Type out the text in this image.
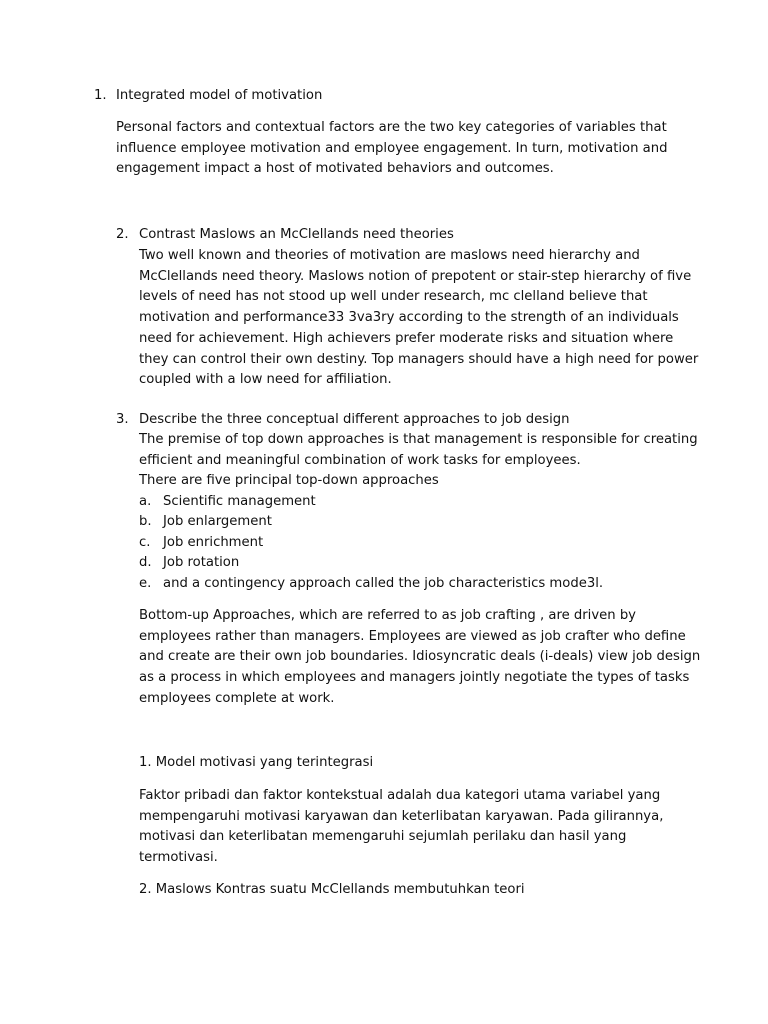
1. Integrated model of motivation
Personal factors and contextual factors are the two key categories of variables that
influence employee motivation and employee engagement. In turn, motivation and
engagement impact a host of motivated behaviors and outcomes.
2. Contrast Maslows an McClellands need theories
Two well known and theories of motivation are maslows need hierarchy and
McClellands need theory. Maslows notion of prepotent or stair-step hierarchy of five
levels of need has not stood up well under research, mc clelland believe that
motivation and performance33 3va3ry according to the strength of an individuals
need for achievement. High achievers prefer moderate risks and situation where
they can control their own destiny. Top managers should have a high need for power
coupled with a low need for affiliation.
3. Describe the three conceptual different approaches to job design
The premise of top down approaches is that management is responsible for creating
efficient and meaningful combination of work tasks for employees.
There are five principal top-down approaches
a. Scientific management
b. Job enlargement
c. Job enrichment
d. Job rotation
e. and a contingency approach called the job characteristics mode3l.
Bottom-up Approaches, which are referred to as job crafting , are driven by
employees rather than managers. Employees are viewed as job crafter who define
and create are their own job boundaries. Idiosyncratic deals (i-deals) view job design
as a process in which employees and managers jointly negotiate the types of tasks
employees complete at work.
1. Model motivasi yang terintegrasi
Faktor pribadi dan faktor kontekstual adalah dua kategori utama variabel yang
mempengaruhi motivasi karyawan dan keterlibatan karyawan. Pada gilirannya,
motivasi dan keterlibatan memengaruhi sejumlah perilaku dan hasil yang
termotivasi.
2. Maslows Kontras suatu McClellands membutuhkan teori
